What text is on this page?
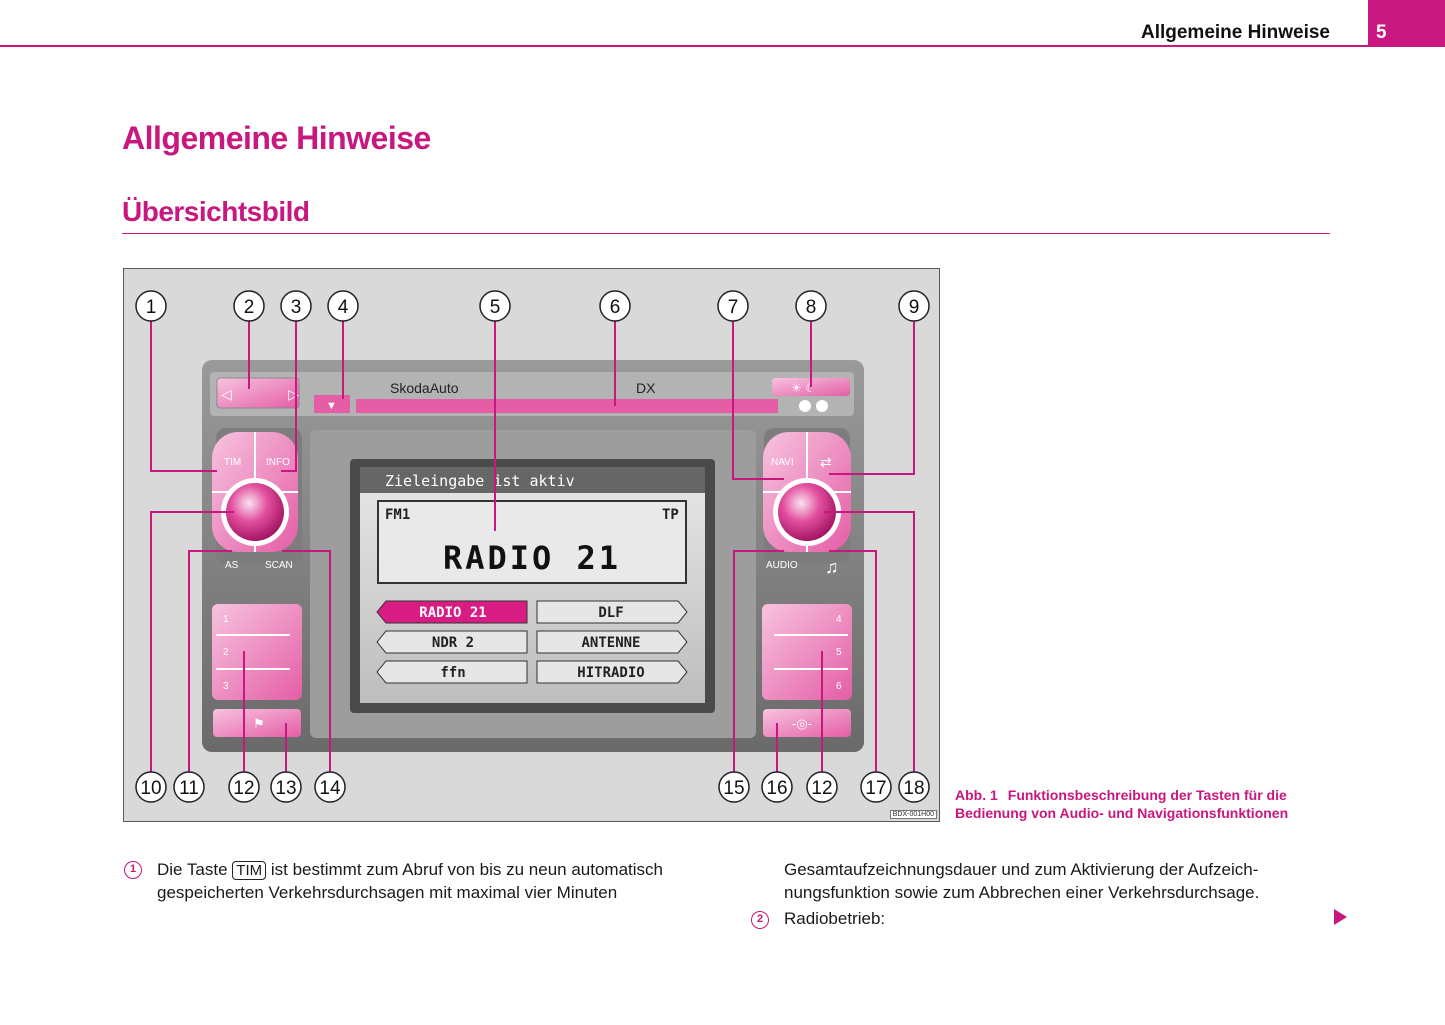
Allgemeine Hinweise 5
Allgemeine Hinweise
Übersichtsbild
◁	▷
▼
SkodaAuto	DX	☀ ☾
TIM INFO
AS	SCAN
1
2
3
⚑
NAVI ⇄
AUDIO ♫
4
5
6
-◎-
Zieleingabe ist aktiv
FM1	TP
RADIO 21
RADIO 21	DLF
NDR 2	ANTENNE
ffn	HITRADIO
1	2 3 4	5	6	7	8	9
10 11 12 13 14	15 16 12 17 18
BDX-001H00
Abb. 1 Funktionsbeschreibung der Tasten für die Bedienung von Audio- und Navigationsfunktionen
1	Die Taste TIM ist bestimmt zum Abruf von bis zu neun automatisch
gespeicherten Verkehrsdurchsagen mit maximal vier Minuten
Gesamtaufzeichnungsdauer und zum Aktivierung der Aufzeich-
nungsfunktion sowie zum Abbrechen einer Verkehrsdurchsage.
2	Radiobetrieb:
